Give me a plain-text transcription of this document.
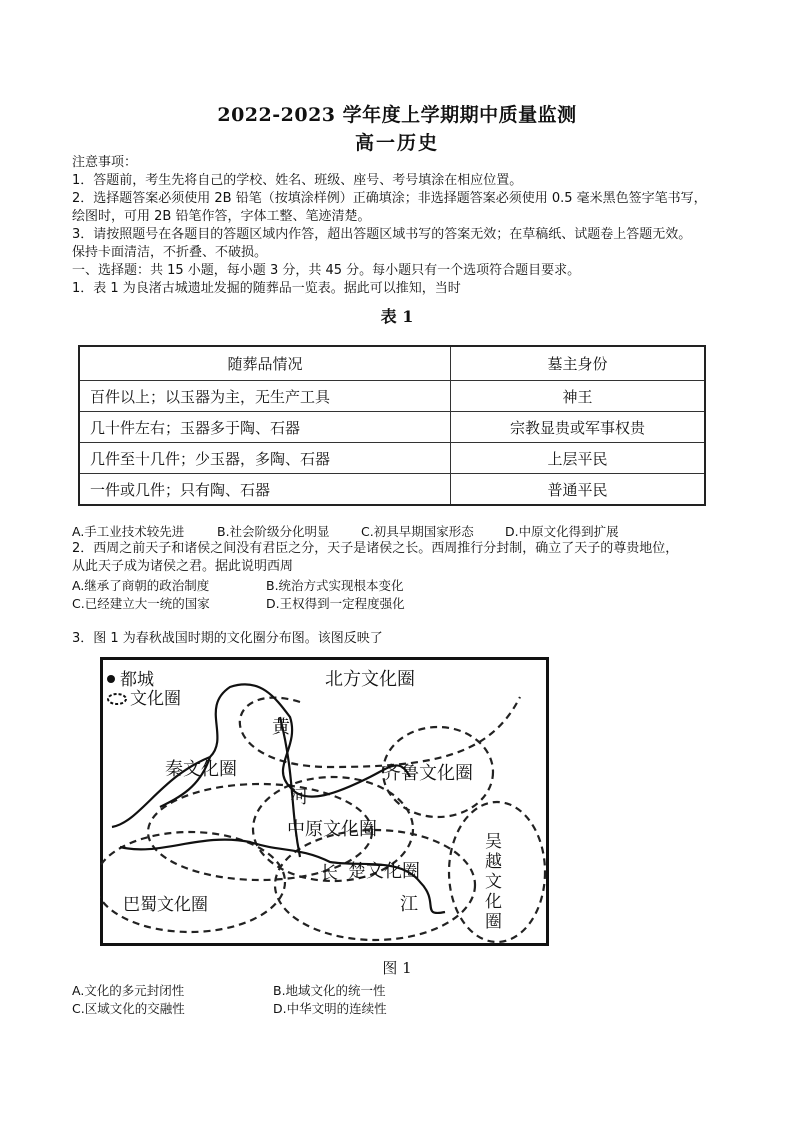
2022-2023 学年度上学期期中质量监测
高一历史
注意事项：
1．答题前，考生先将自己的学校、姓名、班级、座号、考号填涂在相应位置。
2．选择题答案必须使用 2B 铅笔（按填涂样例）正确填涂；非选择题答案必须使用 0.5 毫米黑色签字笔书写，
绘图时，可用 2B 铅笔作答，字体工整、笔迹清楚。
3．请按照题号在各题目的答题区域内作答，超出答题区域书写的答案无效；在草稿纸、试题卷上答题无效。
保持卡面清洁，不折叠、不破损。
一、选择题：共 15 小题，每小题 3 分，共 45 分。每小题只有一个选项符合题目要求。
1．表 1 为良渚古城遗址发掘的随葬品一览表。据此可以推知，当时
表 1
随葬品情况	墓主身份
百件以上；以玉器为主，无生产工具	神王
几十件左右；玉器多于陶、石器	宗教显贵或军事权贵
几件至十几件；少玉器，多陶、石器	上层平民
一件或几件；只有陶、石器	普通平民
A.手工业技术较先进	B.社会阶级分化明显	C.初具早期国家形态	D.中原文化得到扩展
2．西周之前天子和诸侯之间没有君臣之分，天子是诸侯之长。西周推行分封制，确立了天子的尊贵地位，
从此天子成为诸侯之君。据此说明西周
A.继承了商朝的政治制度	B.统治方式实现根本变化
C.已经建立大一统的国家	D.王权得到一定程度强化
3．图 1 为春秋战国时期的文化圈分布图。该图反映了
都城
文化圈
北方文化圈
秦文化圈	齐鲁文化圈
中原文化圈
巴蜀文化圈
楚文化圈
吴
越
文
化
圈
黄
河
长
江
图 1
A.文化的多元封闭性	B.地域文化的统一性
C.区域文化的交融性	D.中华文明的连续性
